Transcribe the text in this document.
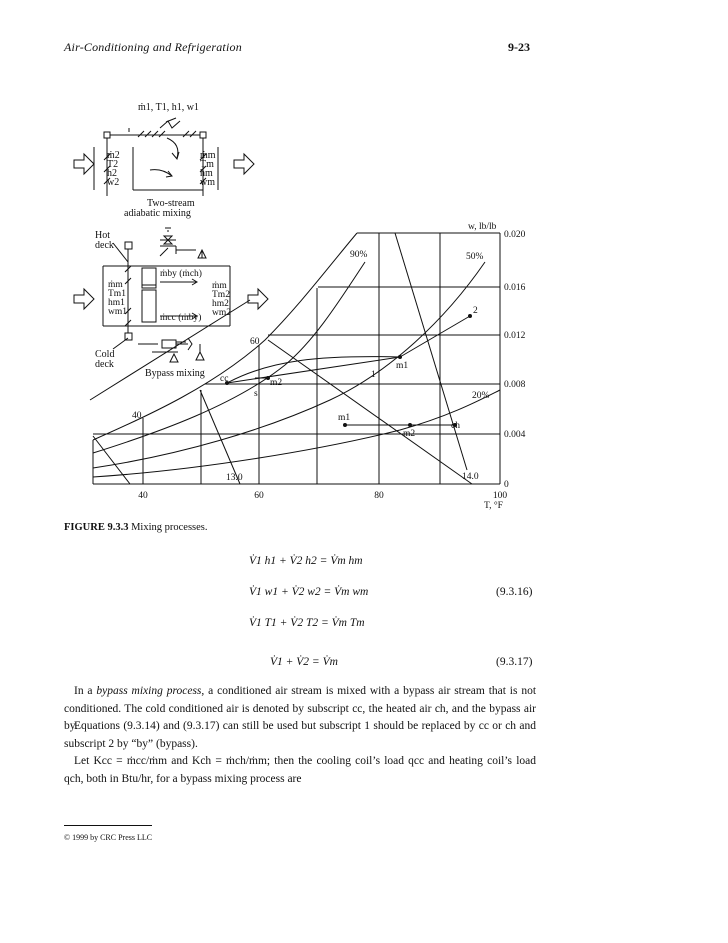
Air-Conditioning and Refrigeration	9-23
ṁ1, T1, h1, w1
ṁ2
T2
h2
w2
ṁm
Tm
hm
wm
Two-stream
adiabatic mixing
Hot
deck
Cold
deck
ṁm
Tm1
hm1
wm1
ṁby (ṁch)
ṁcc (ṁby)
ṁm
Tm2
hm2
wm2
Bypass mixing
w, lb/lb
0.020
0.016
0.012
0.008
0.004
0
40	60	80	100
T, °F
90%	50%
20%
60
40
13.0	14.0
2
m1
1
cc	m2
s
m1
ch
m2
FIGURE 9.3.3 Mixing processes.
V̇1 h1 + V̇2 h2 = V̇m hm
V̇1 w1 + V̇2 w2 = V̇m wm	(9.3.16)
V̇1 T1 + V̇2 T2 = V̇m Tm
V̇1 + V̇2 = V̇m	(9.3.17)
In a bypass mixing process, a conditioned air stream is mixed with a bypass air stream that is not conditioned. The cold conditioned air is denoted by subscript cc, the heated air ch, and the bypass air by.
Equations (9.3.14) and (9.3.17) can still be used but subscript 1 should be replaced by cc or ch and subscript 2 by “by” (bypass).
Let Kcc = ṁcc/ṁm and Kch = ṁch/ṁm; then the cooling coil’s load qcc and heating coil’s load qch, both in Btu/hr, for a bypass mixing process are
© 1999 by CRC Press LLC
